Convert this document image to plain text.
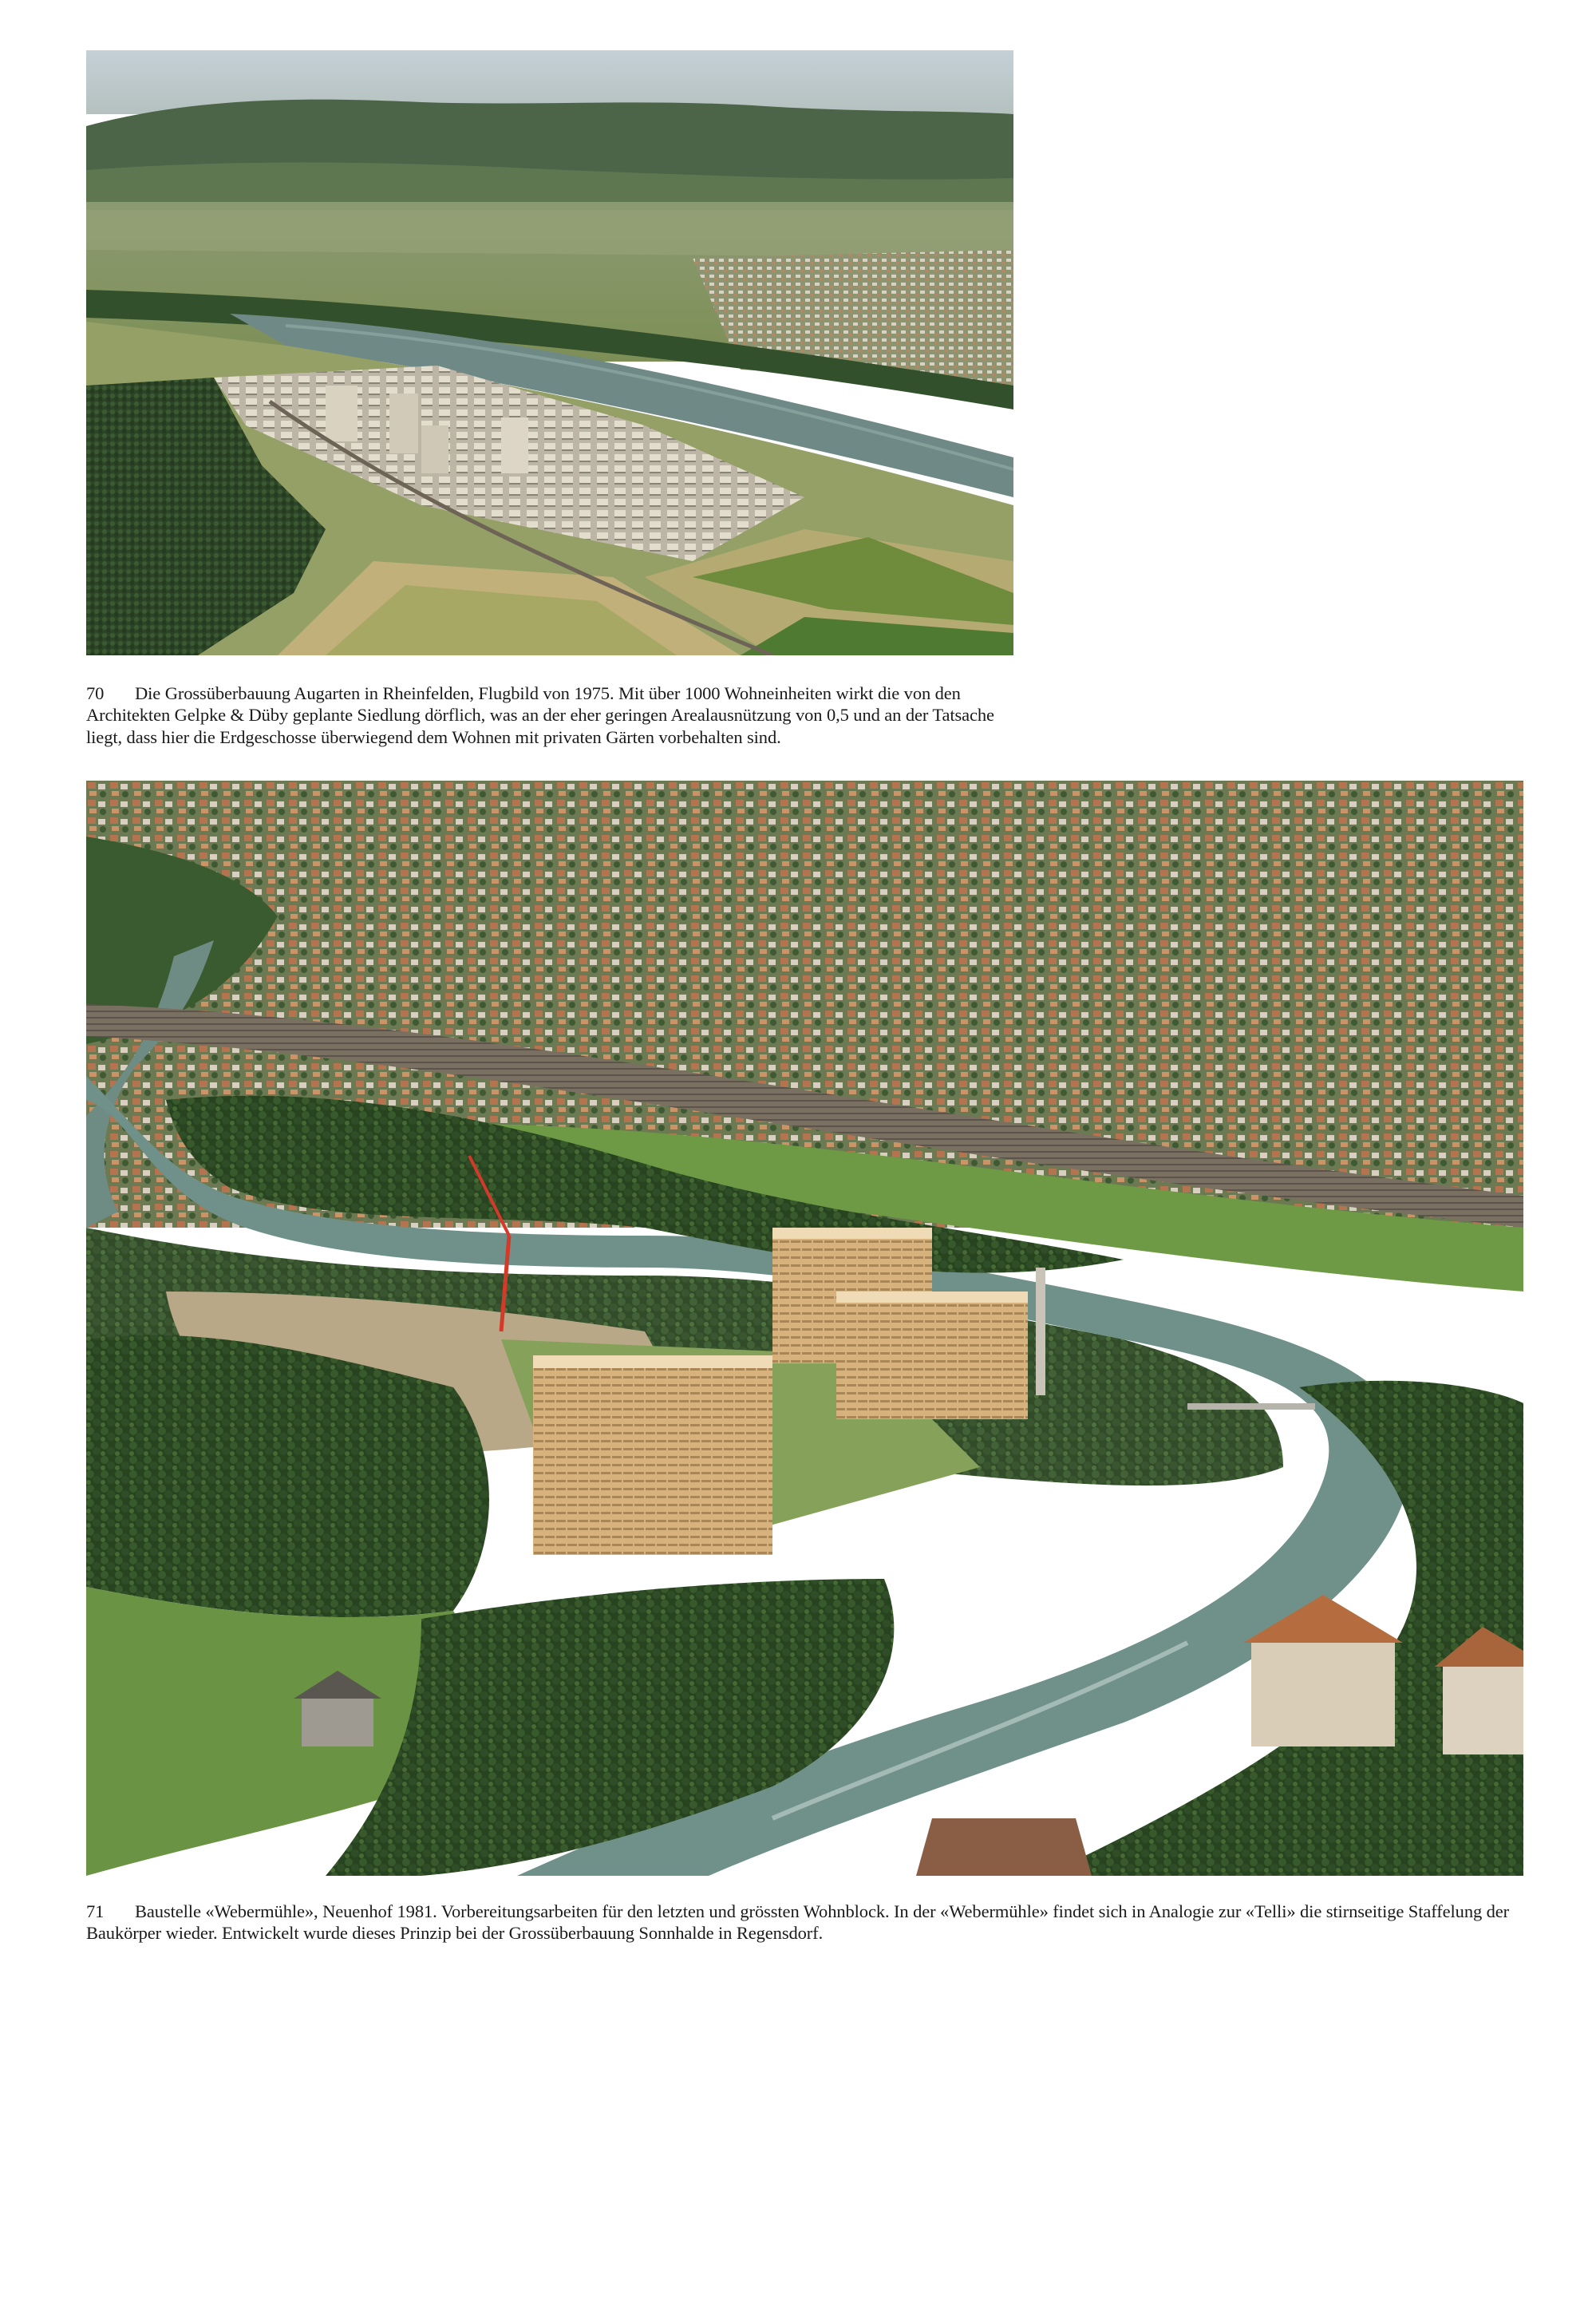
70 Die Grossüberbauung Augarten in Rheinfelden, Flugbild von 1975. Mit über 1000 Wohneinheiten wirkt die von den Architekten Gelpke & Düby geplante Siedlung dörflich, was an der eher geringen Arealausnützung von 0,5 und an der Tatsache liegt, dass hier die Erdgeschosse überwiegend dem Wohnen mit privaten Gärten vorbehalten sind.

71 Baustelle «Webermühle», Neuenhof 1981. Vorbereitungsarbeiten für den letzten und grössten Wohnblock. In der «Webermühle» findet sich in Analogie zur «Telli» die stirnseitige Staffelung der Baukörper wieder. Entwickelt wurde dieses Prinzip bei der Grossüberbauung Sonnhalde in Regensdorf.
